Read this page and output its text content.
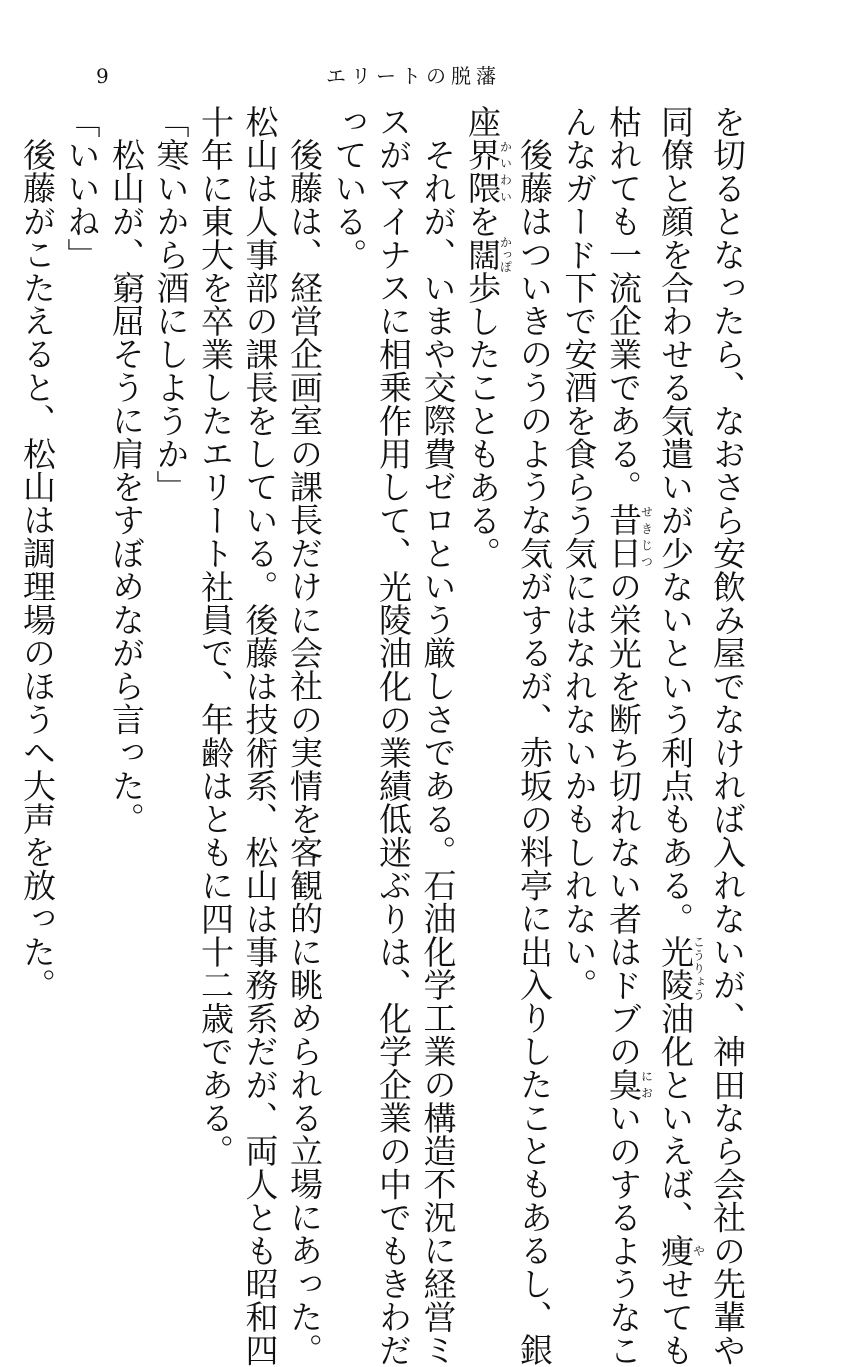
9	エリートの脱藩

を切るとなったら、なおさら安飲み屋でなければ入れないが、神田なら会社の先輩や

同僚と顔を合わせる気遣いが少ないという利点もある。光陵こうりょう油化といえば、痩やせても

枯れても一流企業である。昔日せきじつの栄光を断ち切れない者はドブの臭においのするようなこ

んなガード下で安酒を食らう気にはなれないかもしれない。

後藤はついきのうのような気がするが、赤坂の料亭に出入りしたこともあるし、銀

座界隈かいわいを闊かっぽ歩したこともある。

それが、いまや交際費ゼロという厳しさである。石油化学工業の構造不況に経営ミ

スがマイナスに相乗作用して、光陵油化の業績低迷ぶりは、化学企業の中でもきわだ

っている。

後藤は、経営企画室の課長だけに会社の実情を客観的に眺められる立場にあった。

松山は人事部の課長をしている。後藤は技術系、松山は事務系だが、両人とも昭和四

十年に東大を卒業したエリート社員で、年齢はともに四十二歳である。

「寒いから酒にしようか」

松山が、窮屈そうに肩をすぼめながら言った。

「いいね」

後藤がこたえると、松山は調理場のほうへ大声を放った。
